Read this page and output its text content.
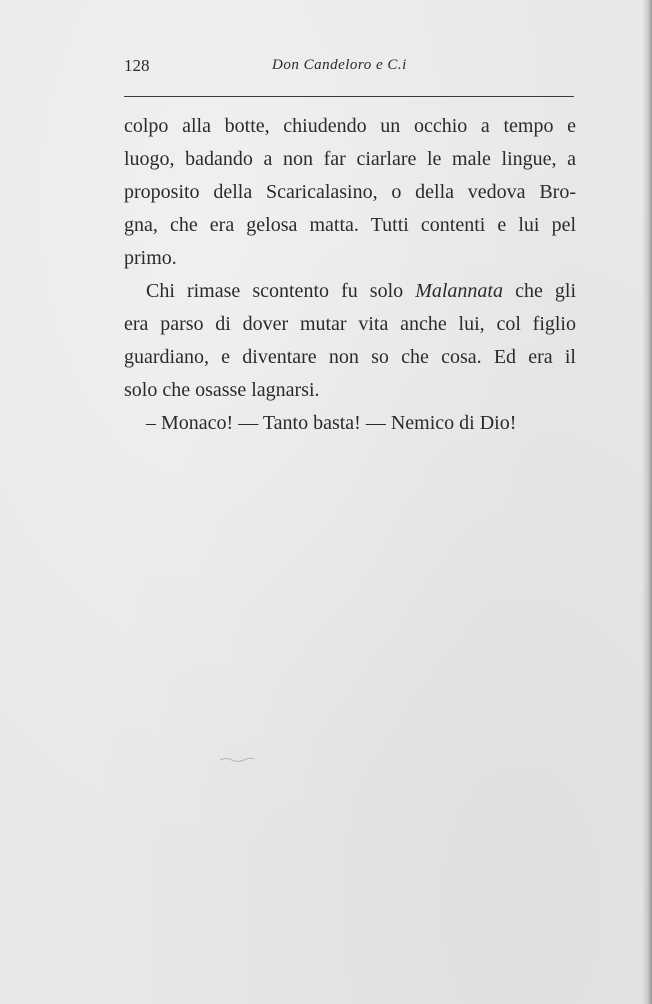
128	Don Candeloro e C.i
colpo alla botte, chiudendo un occhio a tempo e
luogo, badando a non far ciarlare le male lingue, a
proposito della Scaricalasino, o della vedova Bro-
gna, che era gelosa matta. Tutti contenti e lui pel
primo.
Chi rimase scontento fu solo Malannata che gli
era parso di dover mutar vita anche lui, col figlio
guardiano, e diventare non so che cosa. Ed era il
solo che osasse lagnarsi.
– Monaco! — Tanto basta! — Nemico di Dio!
